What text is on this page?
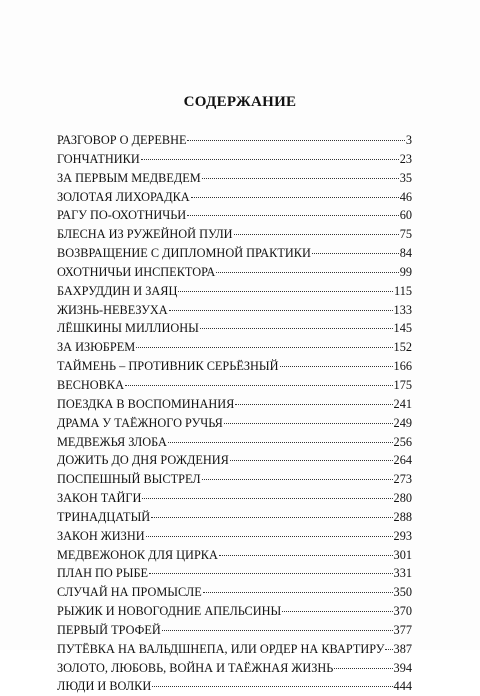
СОДЕРЖАНИЕ
РАЗГОВОР О ДЕРЕВНЕ	3
ГОНЧАТНИКИ	23
ЗА ПЕРВЫМ МЕДВЕДЕМ	35
ЗОЛОТАЯ ЛИХОРАДКА	46
РАГУ ПО-ОХОТНИЧЬИ	60
БЛЕСНА ИЗ РУЖЕЙНОЙ ПУЛИ	75
ВОЗВРАЩЕНИЕ С ДИПЛОМНОЙ ПРАКТИКИ	84
ОХОТНИЧЬИ ИНСПЕКТОРА	99
БАХРУДДИН И ЗАЯЦ	115
ЖИЗНЬ-НЕВЕЗУХА	133
ЛЁШКИНЫ МИЛЛИОНЫ	145
ЗА ИЗЮБРЕМ	152
ТАЙМЕНЬ – ПРОТИВНИК СЕРЬЁЗНЫЙ	166
ВЕСНОВКА	175
ПОЕЗДКА В ВОСПОМИНАНИЯ	241
ДРАМА У ТАЁЖНОГО РУЧЬЯ	249
МЕДВЕЖЬЯ ЗЛОБА	256
ДОЖИТЬ ДО ДНЯ РОЖДЕНИЯ	264
ПОСПЕШНЫЙ ВЫСТРЕЛ	273
ЗАКОН ТАЙГИ	280
ТРИНАДЦАТЫЙ	288
ЗАКОН ЖИЗНИ	293
МЕДВЕЖОНОК ДЛЯ ЦИРКА	301
ПЛАН ПО РЫБЕ	331
СЛУЧАЙ НА ПРОМЫСЛЕ	350
РЫЖИК И НОВОГОДНИЕ АПЕЛЬСИНЫ	370
ПЕРВЫЙ ТРОФЕЙ	377
ПУТЁВКА НА ВАЛЬДШНЕПА, ИЛИ ОРДЕР НА КВАРТИРУ 387
ЗОЛОТО, ЛЮБОВЬ, ВОЙНА И ТАЁЖНАЯ ЖИЗНЬ	394
ЛЮДИ И ВОЛКИ	444
